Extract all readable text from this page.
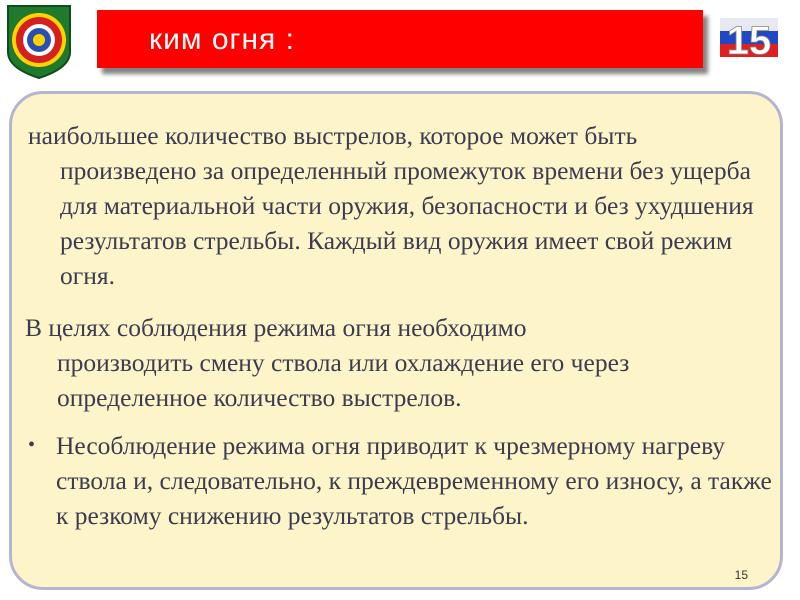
ким огня :	15

наибольшее количество выстрелов, которое может быть
произведено за определенный промежуток времени без ущерба для материальной части оружия, безопасности и без ухудшения результатов стрельбы. Каждый вид оружия имеет свой режим огня.

В целях соблюдения режима огня необходимо
производить смену ствола или охлаждение его через определенное количество выстрелов.

• Несоблюдение режима огня приводит к чрезмерному нагреву ствола и, следовательно, к преждевременному его износу, а также к резкому снижению результатов стрельбы.
15
